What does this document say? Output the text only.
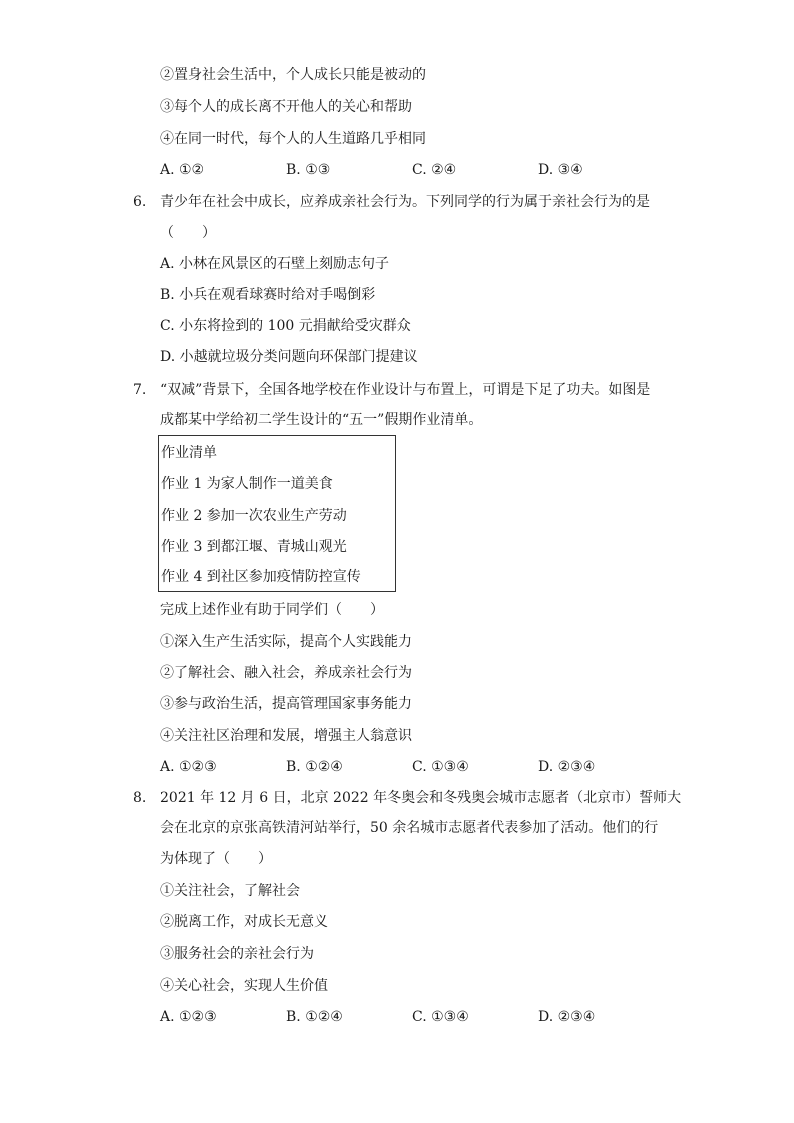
②置身社会生活中，个人成长只能是被动的
③每个人的成长离不开他人的关心和帮助
④在同一时代，每个人的人生道路几乎相同
A. ①②	B. ①③	C. ②④	D. ③④
6. 青少年在社会中成长，应养成亲社会行为。下列同学的行为属于亲社会行为的是
（　　）
A. 小林在风景区的石壁上刻励志句子
B. 小兵在观看球赛时给对手喝倒彩
C. 小东将捡到的 100 元捐献给受灾群众
D. 小越就垃圾分类问题向环保部门提建议
7. “双减”背景下，全国各地学校在作业设计与布置上，可谓是下足了功夫。如图是
成都某中学给初二学生设计的“五一”假期作业清单。
作业清单
作业 1 为家人制作一道美食
作业 2 参加一次农业生产劳动
作业 3 到都江堰、青城山观光
作业 4 到社区参加疫情防控宣传
完成上述作业有助于同学们（　　）
①深入生产生活实际，提高个人实践能力
②了解社会、融入社会，养成亲社会行为
③参与政治生活，提高管理国家事务能力
④关注社区治理和发展，增强主人翁意识
A. ①②③	B. ①②④	C. ①③④	D. ②③④
8. 2021 年 12 月 6 日，北京 2022 年冬奥会和冬残奥会城市志愿者（北京市）誓师大
会在北京的京张高铁清河站举行，50 余名城市志愿者代表参加了活动。他们的行
为体现了（　　）
①关注社会，了解社会
②脱离工作，对成长无意义
③服务社会的亲社会行为
④关心社会，实现人生价值
A. ①②③	B. ①②④	C. ①③④	D. ②③④
